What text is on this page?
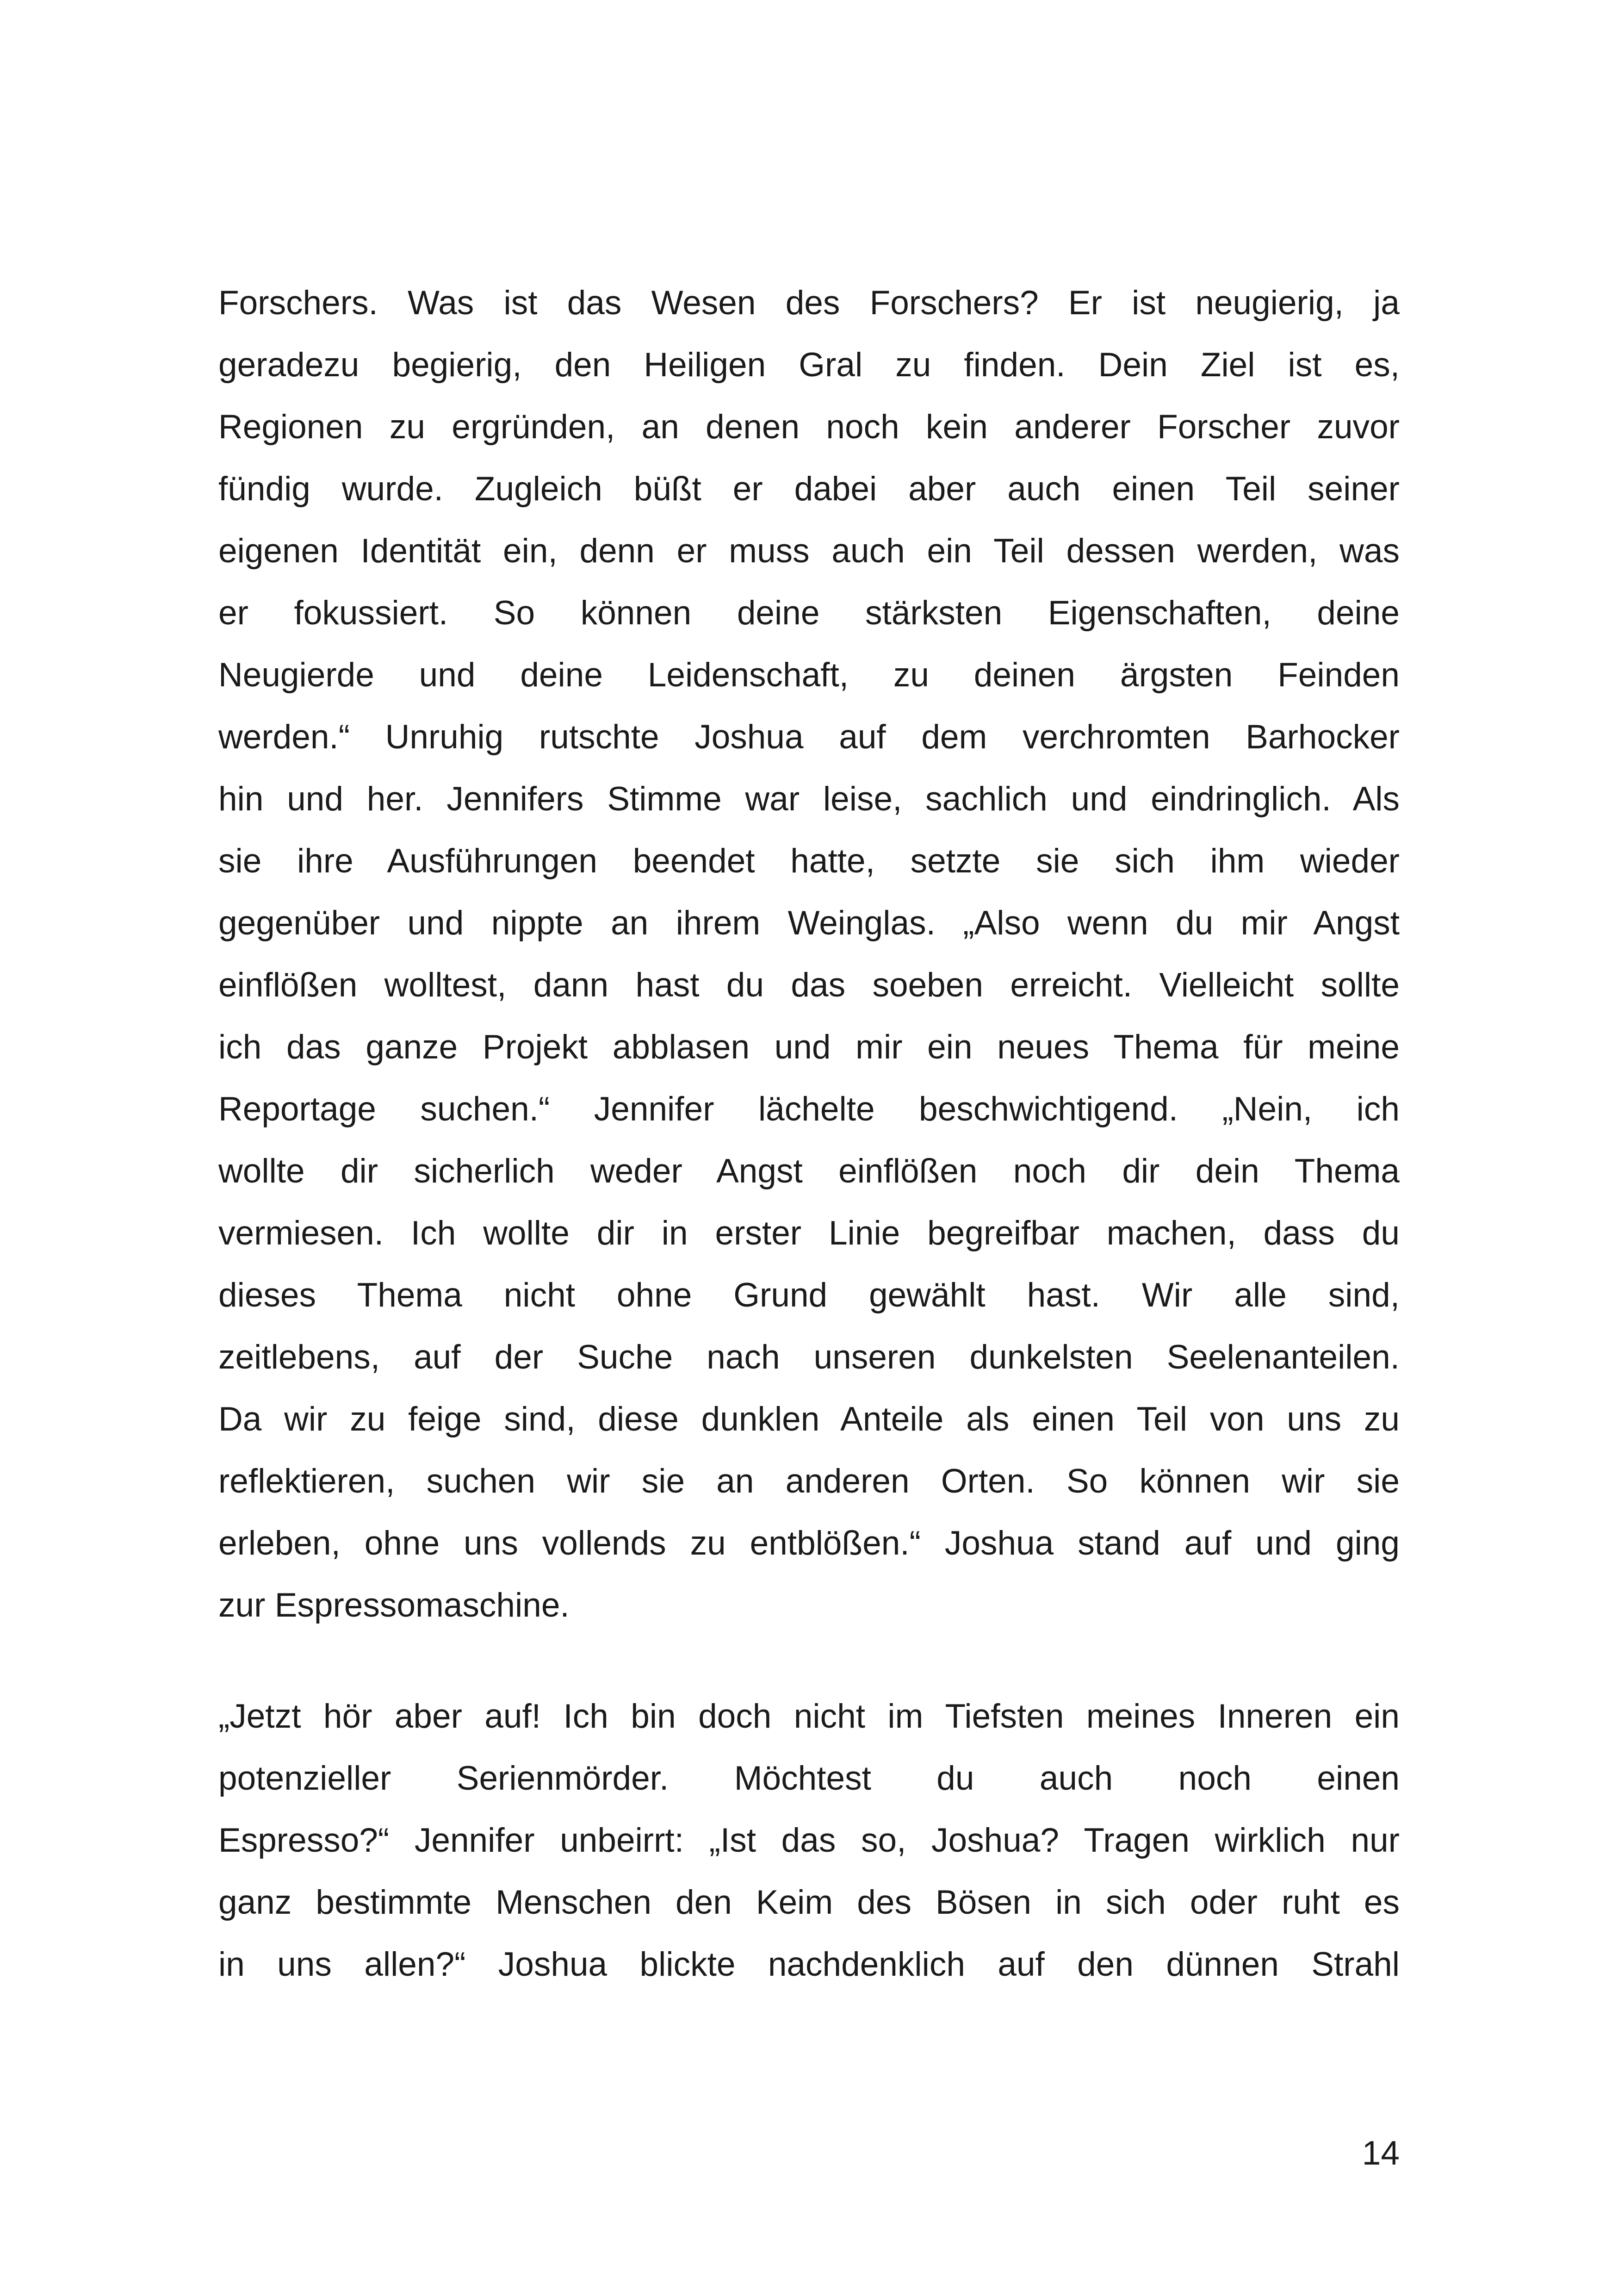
Forschers. Was ist das Wesen des Forschers? Er ist neugierig, ja
geradezu begierig, den Heiligen Gral zu finden. Dein Ziel ist es,
Regionen zu ergründen, an denen noch kein anderer Forscher zuvor
fündig wurde. Zugleich büßt er dabei aber auch einen Teil seiner
eigenen Identität ein, denn er muss auch ein Teil dessen werden, was
er fokussiert. So können deine stärksten Eigenschaften, deine
Neugierde und deine Leidenschaft, zu deinen ärgsten Feinden
werden.“ Unruhig rutschte Joshua auf dem verchromten Barhocker
hin und her. Jennifers Stimme war leise, sachlich und eindringlich. Als
sie ihre Ausführungen beendet hatte, setzte sie sich ihm wieder
gegenüber und nippte an ihrem Weinglas. „Also wenn du mir Angst
einflößen wolltest, dann hast du das soeben erreicht. Vielleicht sollte
ich das ganze Projekt abblasen und mir ein neues Thema für meine
Reportage suchen.“ Jennifer lächelte beschwichtigend. „Nein, ich
wollte dir sicherlich weder Angst einflößen noch dir dein Thema
vermiesen. Ich wollte dir in erster Linie begreifbar machen, dass du
dieses Thema nicht ohne Grund gewählt hast. Wir alle sind,
zeitlebens, auf der Suche nach unseren dunkelsten Seelenanteilen.
Da wir zu feige sind, diese dunklen Anteile als einen Teil von uns zu
reflektieren, suchen wir sie an anderen Orten. So können wir sie
erleben, ohne uns vollends zu entblößen.“ Joshua stand auf und ging
zur Espressomaschine.
„Jetzt hör aber auf! Ich bin doch nicht im Tiefsten meines Inneren ein
potenzieller Serienmörder. Möchtest du auch noch einen
Espresso?“ Jennifer unbeirrt: „Ist das so, Joshua? Tragen wirklich nur
ganz bestimmte Menschen den Keim des Bösen in sich oder ruht es
in uns allen?“ Joshua blickte nachdenklich auf den dünnen Strahl
14
